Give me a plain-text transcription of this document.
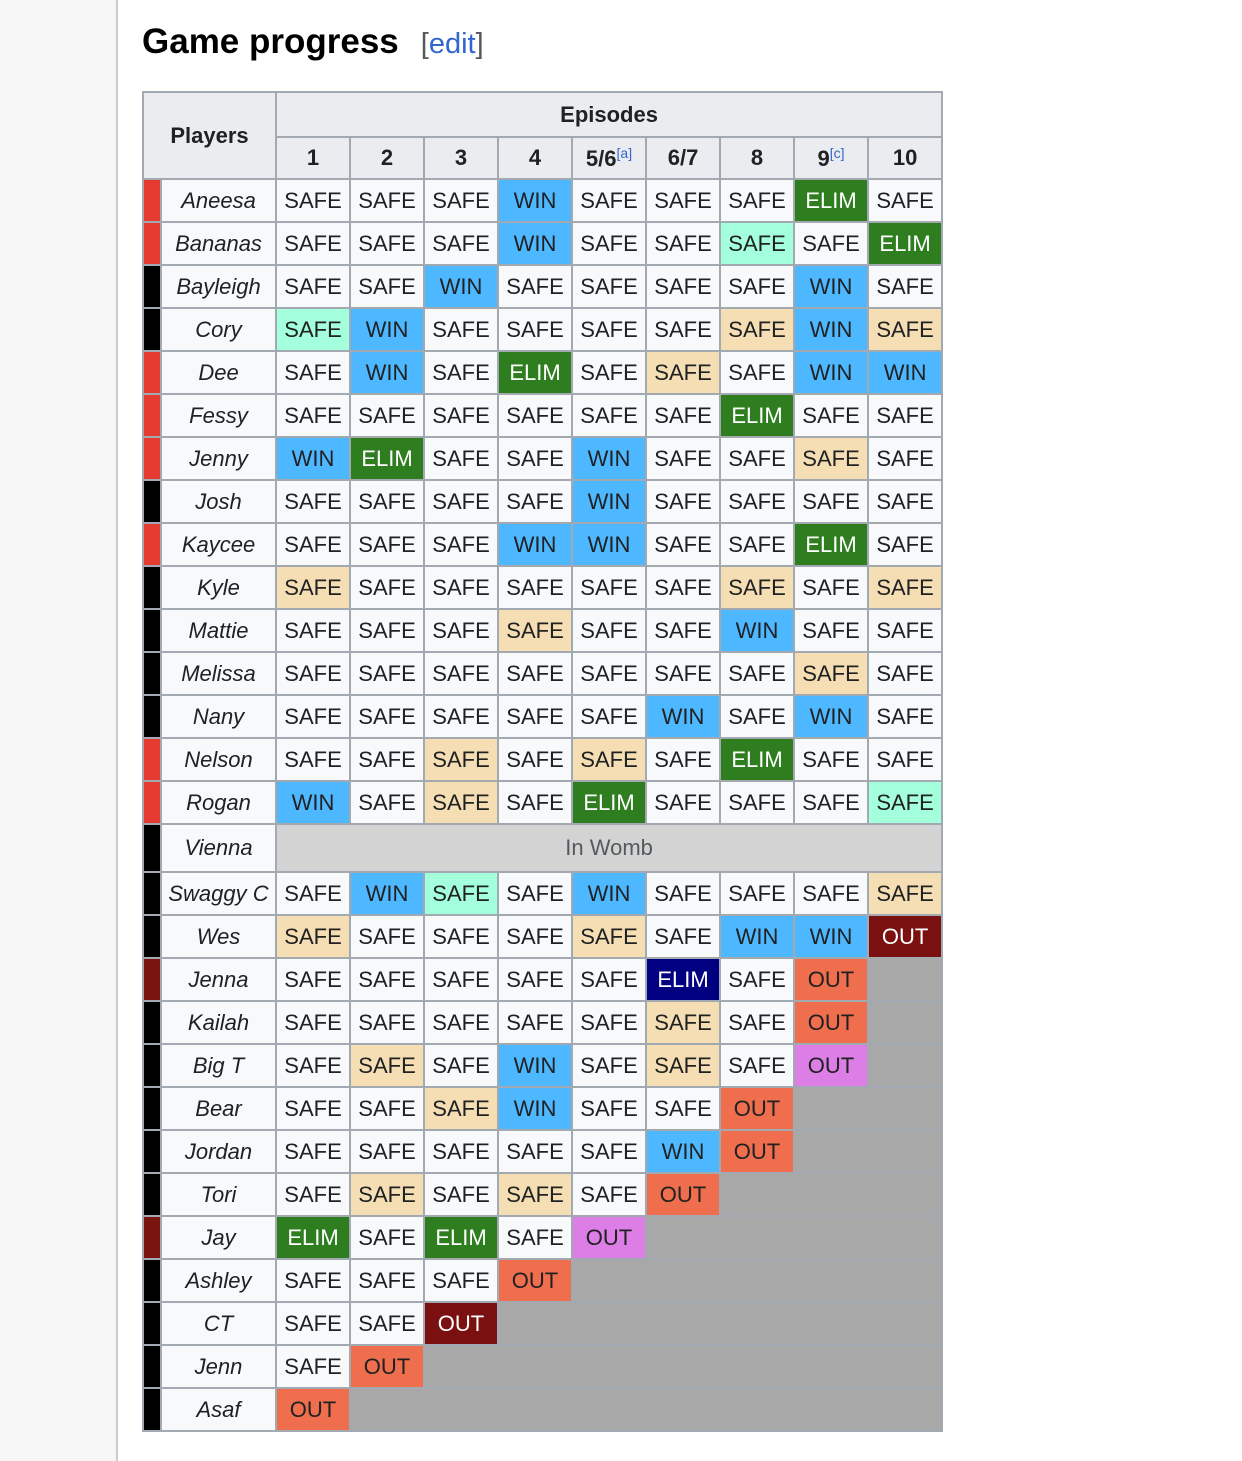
Game progress [edit]
Players		Episodes								
		1	2	3	4	5/6[a]	6/7	8	9[c]	10
	Aneesa	SAFE	SAFE	SAFE	WIN	SAFE	SAFE	SAFE	ELIM	SAFE
	Bananas	SAFE	SAFE	SAFE	WIN	SAFE	SAFE	SAFE	SAFE	ELIM
	Bayleigh	SAFE	SAFE	WIN	SAFE	SAFE	SAFE	SAFE	WIN	SAFE
	Cory	SAFE	WIN	SAFE	SAFE	SAFE	SAFE	SAFE	WIN	SAFE
	Dee	SAFE	WIN	SAFE	ELIM	SAFE	SAFE	SAFE	WIN	WIN
	Fessy	SAFE	SAFE	SAFE	SAFE	SAFE	SAFE	ELIM	SAFE	SAFE
	Jenny	WIN	ELIM	SAFE	SAFE	WIN	SAFE	SAFE	SAFE	SAFE
	Josh	SAFE	SAFE	SAFE	SAFE	WIN	SAFE	SAFE	SAFE	SAFE
	Kaycee	SAFE	SAFE	SAFE	WIN	WIN	SAFE	SAFE	ELIM	SAFE
	Kyle	SAFE	SAFE	SAFE	SAFE	SAFE	SAFE	SAFE	SAFE	SAFE
	Mattie	SAFE	SAFE	SAFE	SAFE	SAFE	SAFE	WIN	SAFE	SAFE
	Melissa	SAFE	SAFE	SAFE	SAFE	SAFE	SAFE	SAFE	SAFE	SAFE
	Nany	SAFE	SAFE	SAFE	SAFE	SAFE	WIN	SAFE	WIN	SAFE
	Nelson	SAFE	SAFE	SAFE	SAFE	SAFE	SAFE	ELIM	SAFE	SAFE
	Rogan	WIN	SAFE	SAFE	SAFE	ELIM	SAFE	SAFE	SAFE	SAFE
	Vienna	In Womb								
	Swaggy C	SAFE	WIN	SAFE	SAFE	WIN	SAFE	SAFE	SAFE	SAFE
	Wes	SAFE	SAFE	SAFE	SAFE	SAFE	SAFE	WIN	WIN	OUT
	Jenna	SAFE	SAFE	SAFE	SAFE	SAFE	ELIM	SAFE	OUT	
	Kailah	SAFE	SAFE	SAFE	SAFE	SAFE	SAFE	SAFE	OUT	
	Big T	SAFE	SAFE	SAFE	WIN	SAFE	SAFE	SAFE	OUT	
	Bear	SAFE	SAFE	SAFE	WIN	SAFE	SAFE	OUT		
	Jordan	SAFE	SAFE	SAFE	SAFE	SAFE	WIN	OUT		
	Tori	SAFE	SAFE	SAFE	SAFE	SAFE	OUT			
	Jay	ELIM	SAFE	ELIM	SAFE	OUT				
	Ashley	SAFE	SAFE	SAFE	OUT					
	CT	SAFE	SAFE	OUT						
	Jenn	SAFE	OUT							
	Asaf	OUT								
